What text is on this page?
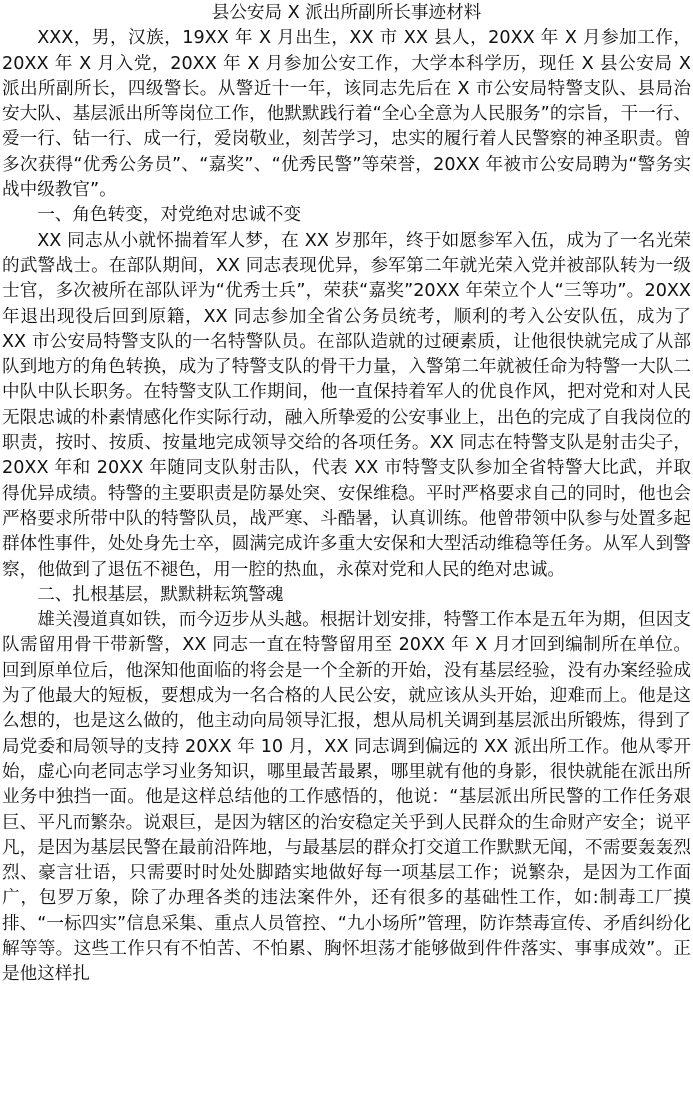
县公安局 X 派出所副所长事迹材料

XXX，男，汉族，19XX 年 X 月出生，XX 市 XX 县人，20XX 年 X 月参加工作，20XX 年 X 月入党，20XX 年 X 月参加公安工作，大学本科学历，现任 X 县公安局 X 派出所副所长，四级警长。从警近十一年，该同志先后在 X 市公安局特警支队、县局治安大队、基层派出所等岗位工作，他默默践行着“全心全意为人民服务”的宗旨，干一行、爱一行、钻一行、成一行，爱岗敬业，刻苦学习，忠实的履行着人民警察的神圣职责。曾多次获得“优秀公务员”、“嘉奖”、“优秀民警”等荣誉，20XX 年被市公安局聘为“警务实战中级教官”。

一、角色转变，对党绝对忠诚不变

XX 同志从小就怀揣着军人梦，在 XX 岁那年，终于如愿参军入伍，成为了一名光荣的武警战士。在部队期间，XX 同志表现优异，参军第二年就光荣入党并被部队转为一级士官，多次被所在部队评为“优秀士兵”，荣获“嘉奖”20XX 年荣立个人“三等功”。20XX 年退出现役后回到原籍，XX 同志参加全省公务员统考，顺利的考入公安队伍，成为了 XX 市公安局特警支队的一名特警队员。在部队造就的过硬素质，让他很快就完成了从部队到地方的角色转换，成为了特警支队的骨干力量，入警第二年就被任命为特警一大队二中队中队长职务。在特警支队工作期间，他一直保持着军人的优良作风，把对党和对人民无限忠诚的朴素情感化作实际行动，融入所挚爱的公安事业上，出色的完成了自我岗位的职责，按时、按质、按量地完成领导交给的各项任务。XX 同志在特警支队是射击尖子，20XX 年和 20XX 年随同支队射击队，代表 XX 市特警支队参加全省特警大比武，并取得优异成绩。特警的主要职责是防暴处突、安保维稳。平时严格要求自己的同时，他也会严格要求所带中队的特警队员，战严寒、斗酷暑，认真训练。他曾带领中队参与处置多起群体性事件，处处身先士卒，圆满完成许多重大安保和大型活动维稳等任务。从军人到警察，他做到了退伍不褪色，用一腔的热血，永葆对党和人民的绝对忠诚。

二、扎根基层，默默耕耘筑警魂

雄关漫道真如铁，而今迈步从头越。根据计划安排，特警工作本是五年为期，但因支队需留用骨干带新警，XX 同志一直在特警留用至 20XX 年 X 月才回到编制所在单位。回到原单位后，他深知他面临的将会是一个全新的开始，没有基层经验，没有办案经验成为了他最大的短板，要想成为一名合格的人民公安，就应该从头开始，迎难而上。他是这么想的，也是这么做的，他主动向局领导汇报，想从局机关调到基层派出所锻炼，得到了局党委和局领导的支持 20XX 年 10 月，XX 同志调到偏远的 XX 派出所工作。他从零开始，虚心向老同志学习业务知识，哪里最苦最累，哪里就有他的身影，很快就能在派出所业务中独挡一面。他是这样总结他的工作感悟的，他说：“基层派出所民警的工作任务艰巨、平凡而繁杂。说艰巨，是因为辖区的治安稳定关乎到人民群众的生命财产安全；说平凡，是因为基层民警在最前沿阵地，与最基层的群众打交道工作默默无闻，不需要轰轰烈烈、豪言壮语，只需要时时处处脚踏实地做好每一项基层工作；说繁杂，是因为工作面广，包罗万象，除了办理各类的违法案件外，还有很多的基础性工作，如:制毒工厂摸排、“一标四实”信息采集、重点人员管控、“九小场所”管理，防诈禁毒宣传、矛盾纠纷化解等等。这些工作只有不怕苦、不怕累、胸怀坦荡才能够做到件件落实、事事成效”。正是他这样扎
